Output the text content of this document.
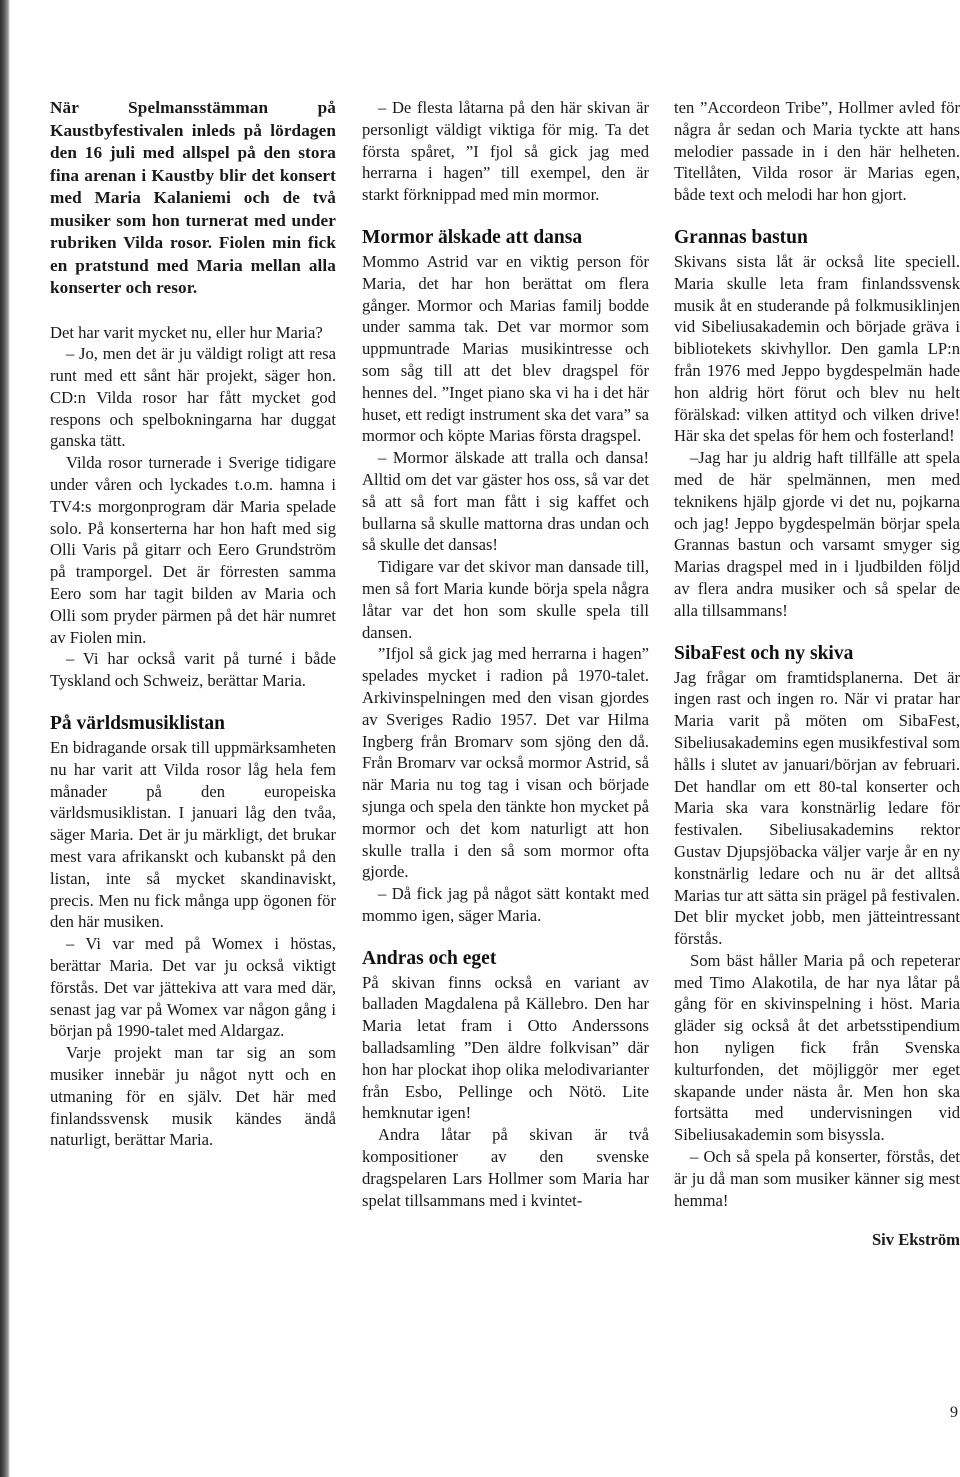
När Spelmansstämman på Kaustbyfestivalen inleds på lördagen den 16 juli med allspel på den stora fina arenan i Kaustby blir det konsert med Maria Kalaniemi och de två musiker som hon turnerat med under rubriken Vilda rosor. Fiolen min fick en pratstund med Maria mellan alla konserter och resor.

Det har varit mycket nu, eller hur Maria?

– Jo, men det är ju väldigt roligt att resa runt med ett sånt här projekt, säger hon. CD:n Vilda rosor har fått mycket god respons och spelbokningarna har duggat ganska tätt.

Vilda rosor turnerade i Sverige tidigare under våren och lyckades t.o.m. hamna i TV4:s morgonprogram där Maria spelade solo. På konserterna har hon haft med sig Olli Varis på gitarr och Eero Grundström på tramporgel. Det är förresten samma Eero som har tagit bilden av Maria och Olli som pryder pärmen på det här numret av Fiolen min.

– Vi har också varit på turné i både Tyskland och Schweiz, berättar Maria.

På världsmusiklistan

En bidragande orsak till uppmärksamheten nu har varit att Vilda rosor låg hela fem månader på den europeiska världsmusiklistan. I januari låg den tvåa, säger Maria. Det är ju märkligt, det brukar mest vara afrikanskt och kubanskt på den listan, inte så mycket skandinaviskt, precis. Men nu fick många upp ögonen för den här musiken.

– Vi var med på Womex i höstas, berättar Maria. Det var ju också viktigt förstås. Det var jättekiva att vara med där, senast jag var på Womex var någon gång i början på 1990-talet med Aldargaz.

Varje projekt man tar sig an som musiker innebär ju något nytt och en utmaning för en själv. Det här med finlandssvensk musik kändes ändå naturligt, berättar Maria.

– De flesta låtarna på den här skivan är personligt väldigt viktiga för mig. Ta det första spåret, ”I fjol så gick jag med herrarna i hagen” till exempel, den är starkt förknippad med min mormor.

Mormor älskade att dansa

Mommo Astrid var en viktig person för Maria, det har hon berättat om flera gånger. Mormor och Marias familj bodde under samma tak. Det var mormor som uppmuntrade Marias musikintresse och som såg till att det blev dragspel för hennes del. ”Inget piano ska vi ha i det här huset, ett redigt instrument ska det vara” sa mormor och köpte Marias första dragspel.

– Mormor älskade att tralla och dansa! Alltid om det var gäster hos oss, så var det så att så fort man fått i sig kaffet och bullarna så skulle mattorna dras undan och så skulle det dansas!

Tidigare var det skivor man dansade till, men så fort Maria kunde börja spela några låtar var det hon som skulle spela till dansen.

”Ifjol så gick jag med herrarna i hagen” spelades mycket i radion på 1970-talet. Arkivinspelningen med den visan gjordes av Sveriges Radio 1957. Det var Hilma Ingberg från Bromarv som sjöng den då. Från Bromarv var också mormor Astrid, så när Maria nu tog tag i visan och började sjunga och spela den tänkte hon mycket på mormor och det kom naturligt att hon skulle tralla i den så som mormor ofta gjorde.

– Då fick jag på något sätt kontakt med mommo igen, säger Maria.

Andras och eget

På skivan finns också en variant av balladen Magdalena på Källebro. Den har Maria letat fram i Otto Anderssons balladsamling ”Den äldre folkvisan” där hon har plockat ihop olika melodivarianter från Esbo, Pellinge och Nötö. Lite hemknutar igen!

Andra låtar på skivan är två kompositioner av den svenske dragspelaren Lars Hollmer som Maria har spelat tillsammans med i kvintet-

ten ”Accordeon Tribe”, Hollmer avled för några år sedan och Maria tyckte att hans melodier passade in i den här helheten. Titellåten, Vilda rosor är Marias egen, både text och melodi har hon gjort.

Grannas bastun

Skivans sista låt är också lite speciell. Maria skulle leta fram finlandssvensk musik åt en studerande på folkmusiklinjen vid Sibeliusakademin och började gräva i bibliotekets skivhyllor. Den gamla LP:n från 1976 med Jeppo bygdespelmän hade hon aldrig hört förut och blev nu helt förälskad: vilken attityd och vilken drive! Här ska det spelas för hem och fosterland!

–Jag har ju aldrig haft tillfälle att spela med de här spelmännen, men med teknikens hjälp gjorde vi det nu, pojkarna och jag! Jeppo bygdespelmän börjar spela Grannas bastun och varsamt smyger sig Marias dragspel med in i ljudbilden följd av flera andra musiker och så spelar de alla tillsammans!

SibaFest och ny skiva

Jag frågar om framtidsplanerna. Det är ingen rast och ingen ro. När vi pratar har Maria varit på möten om SibaFest, Sibeliusakademins egen musikfestival som hålls i slutet av januari/början av februari. Det handlar om ett 80-tal konserter och Maria ska vara konstnärlig ledare för festivalen. Sibeliusakademins rektor Gustav Djupsjöbacka väljer varje år en ny konstnärlig ledare och nu är det alltså Marias tur att sätta sin prägel på festivalen. Det blir mycket jobb, men jätteintressant förstås.

Som bäst håller Maria på och repeterar med Timo Alakotila, de har nya låtar på gång för en skivinspelning i höst. Maria gläder sig också åt det arbetsstipendium hon nyligen fick från Svenska kulturfonden, det möjliggör mer eget skapande under nästa år. Men hon ska fortsätta med undervisningen vid Sibeliusakademin som bisyssla.

– Och så spela på konserter, förstås, det är ju då man som musiker känner sig mest hemma!

Siv Ekström

9
